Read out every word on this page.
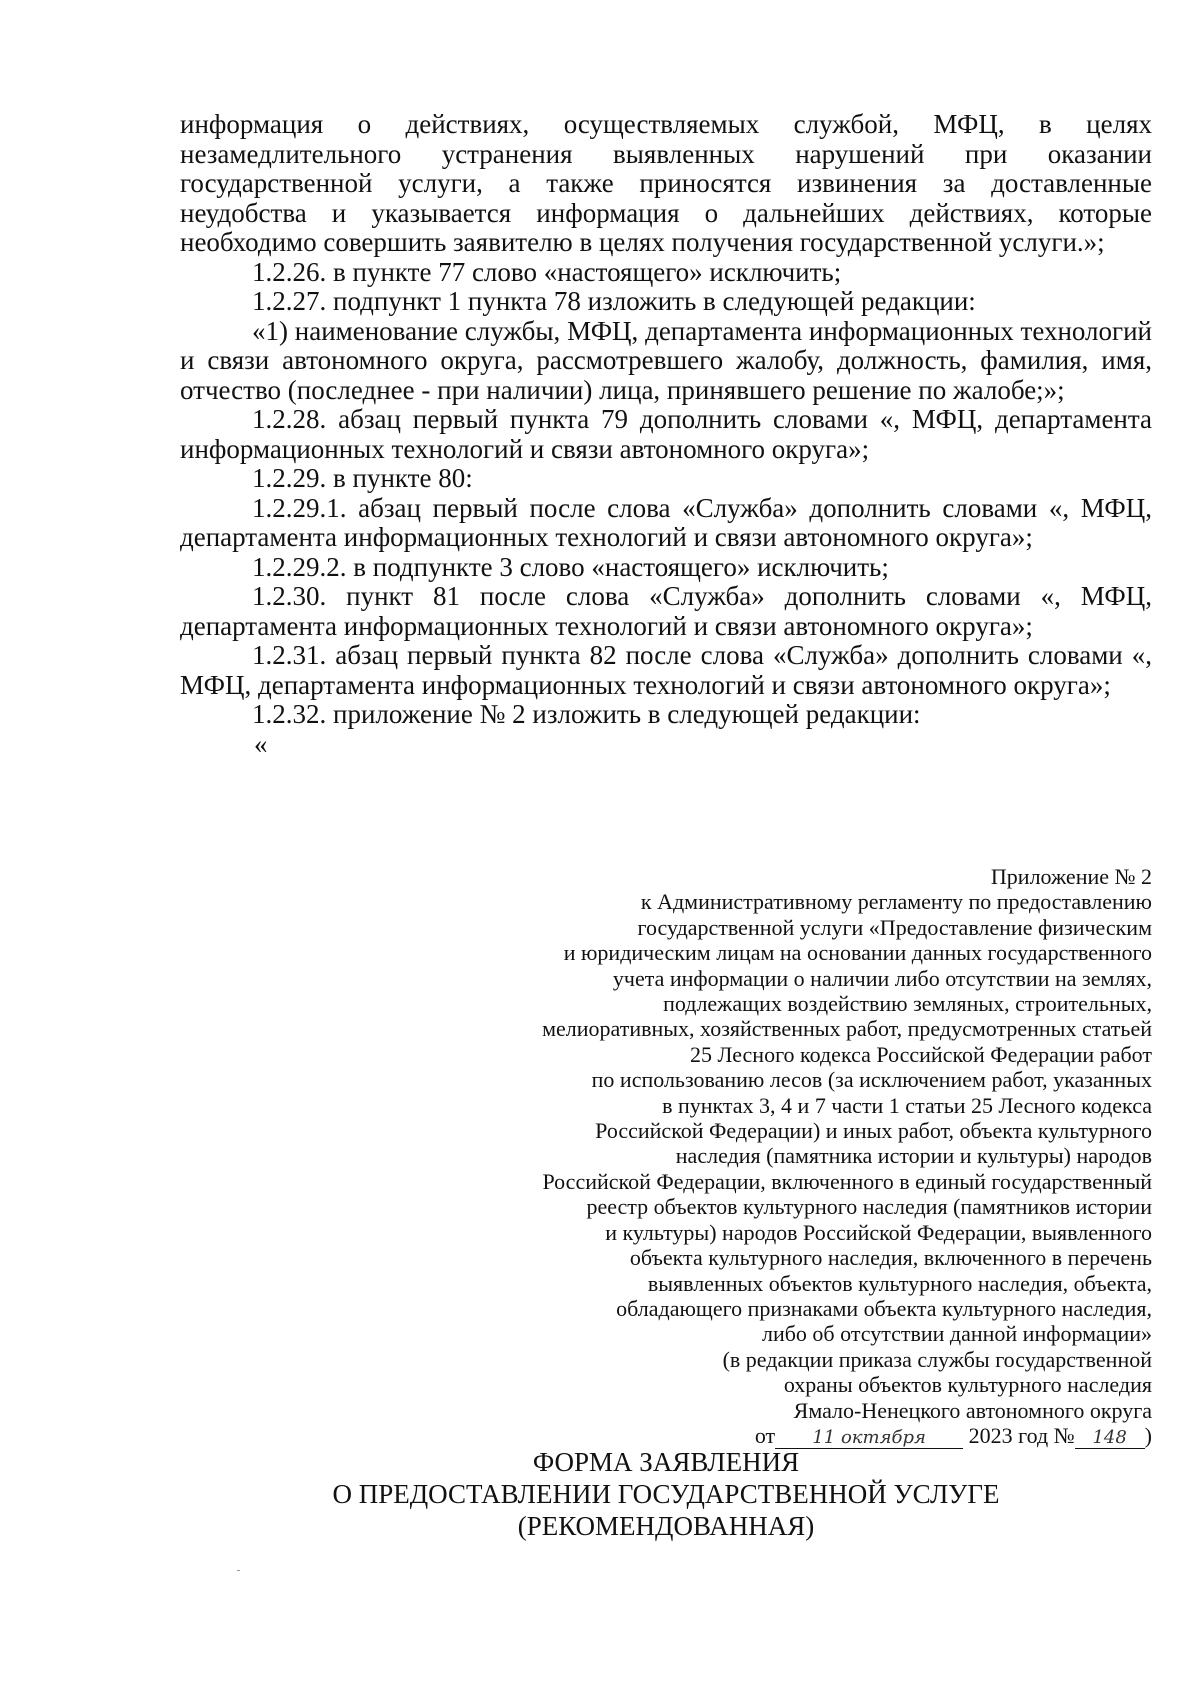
информация о действиях, осуществляемых службой, МФЦ, в целях незамедлительного устранения выявленных нарушений при оказании государственной услуги, а также приносятся извинения за доставленные неудобства и указывается информация о дальнейших действиях, которые необходимо совершить заявителю в целях получения государственной услуги.»;

1.2.26. в пункте 77 слово «настоящего» исключить;

1.2.27. подпункт 1 пункта 78 изложить в следующей редакции:

«1) наименование службы, МФЦ, департамента информационных технологий и связи автономного округа, рассмотревшего жалобу, должность, фамилия, имя, отчество (последнее - при наличии) лица, принявшего решение по жалобе;»;

1.2.28. абзац первый пункта 79 дополнить словами «, МФЦ, департамента информационных технологий и связи автономного округа»;

1.2.29. в пункте 80:

1.2.29.1. абзац первый после слова «Служба» дополнить словами «, МФЦ, департамента информационных технологий и связи автономного округа»;

1.2.29.2. в подпункте 3 слово «настоящего» исключить;

1.2.30. пункт 81 после слова «Служба» дополнить словами «, МФЦ, департамента информационных технологий и связи автономного округа»;

1.2.31. абзац первый пункта 82 после слова «Служба» дополнить словами «, МФЦ, департамента информационных технологий и связи автономного округа»;

1.2.32. приложение № 2 изложить в следующей редакции:

«

Приложение № 2
к Административному регламенту по предоставлению
государственной услуги «Предоставление физическим
и юридическим лицам на основании данных государственного
учета информации о наличии либо отсутствии на землях,
подлежащих воздействию земляных, строительных,
мелиоративных, хозяйственных работ, предусмотренных статьей
25 Лесного кодекса Российской Федерации работ
по использованию лесов (за исключением работ, указанных
в пунктах 3, 4 и 7 части 1 статьи 25 Лесного кодекса
Российской Федерации) и иных работ, объекта культурного
наследия (памятника истории и культуры) народов
Российской Федерации, включенного в единый государственный
реестр объектов культурного наследия (памятников истории
и культуры) народов Российской Федерации, выявленного
объекта культурного наследия, включенного в перечень
выявленных объектов культурного наследия, объекта,
обладающего признаками объекта культурного наследия,
либо об отсутствии данной информации»
(в редакции приказа службы государственной
охраны объектов культурного наследия
Ямало-Ненецкого автономного округа
от 11 октября 2023 год № 148 )
ФОРМА ЗАЯВЛЕНИЯ
О ПРЕДОСТАВЛЕНИИ ГОСУДАРСТВЕННОЙ УСЛУГЕ
(РЕКОМЕНДОВАННАЯ)
